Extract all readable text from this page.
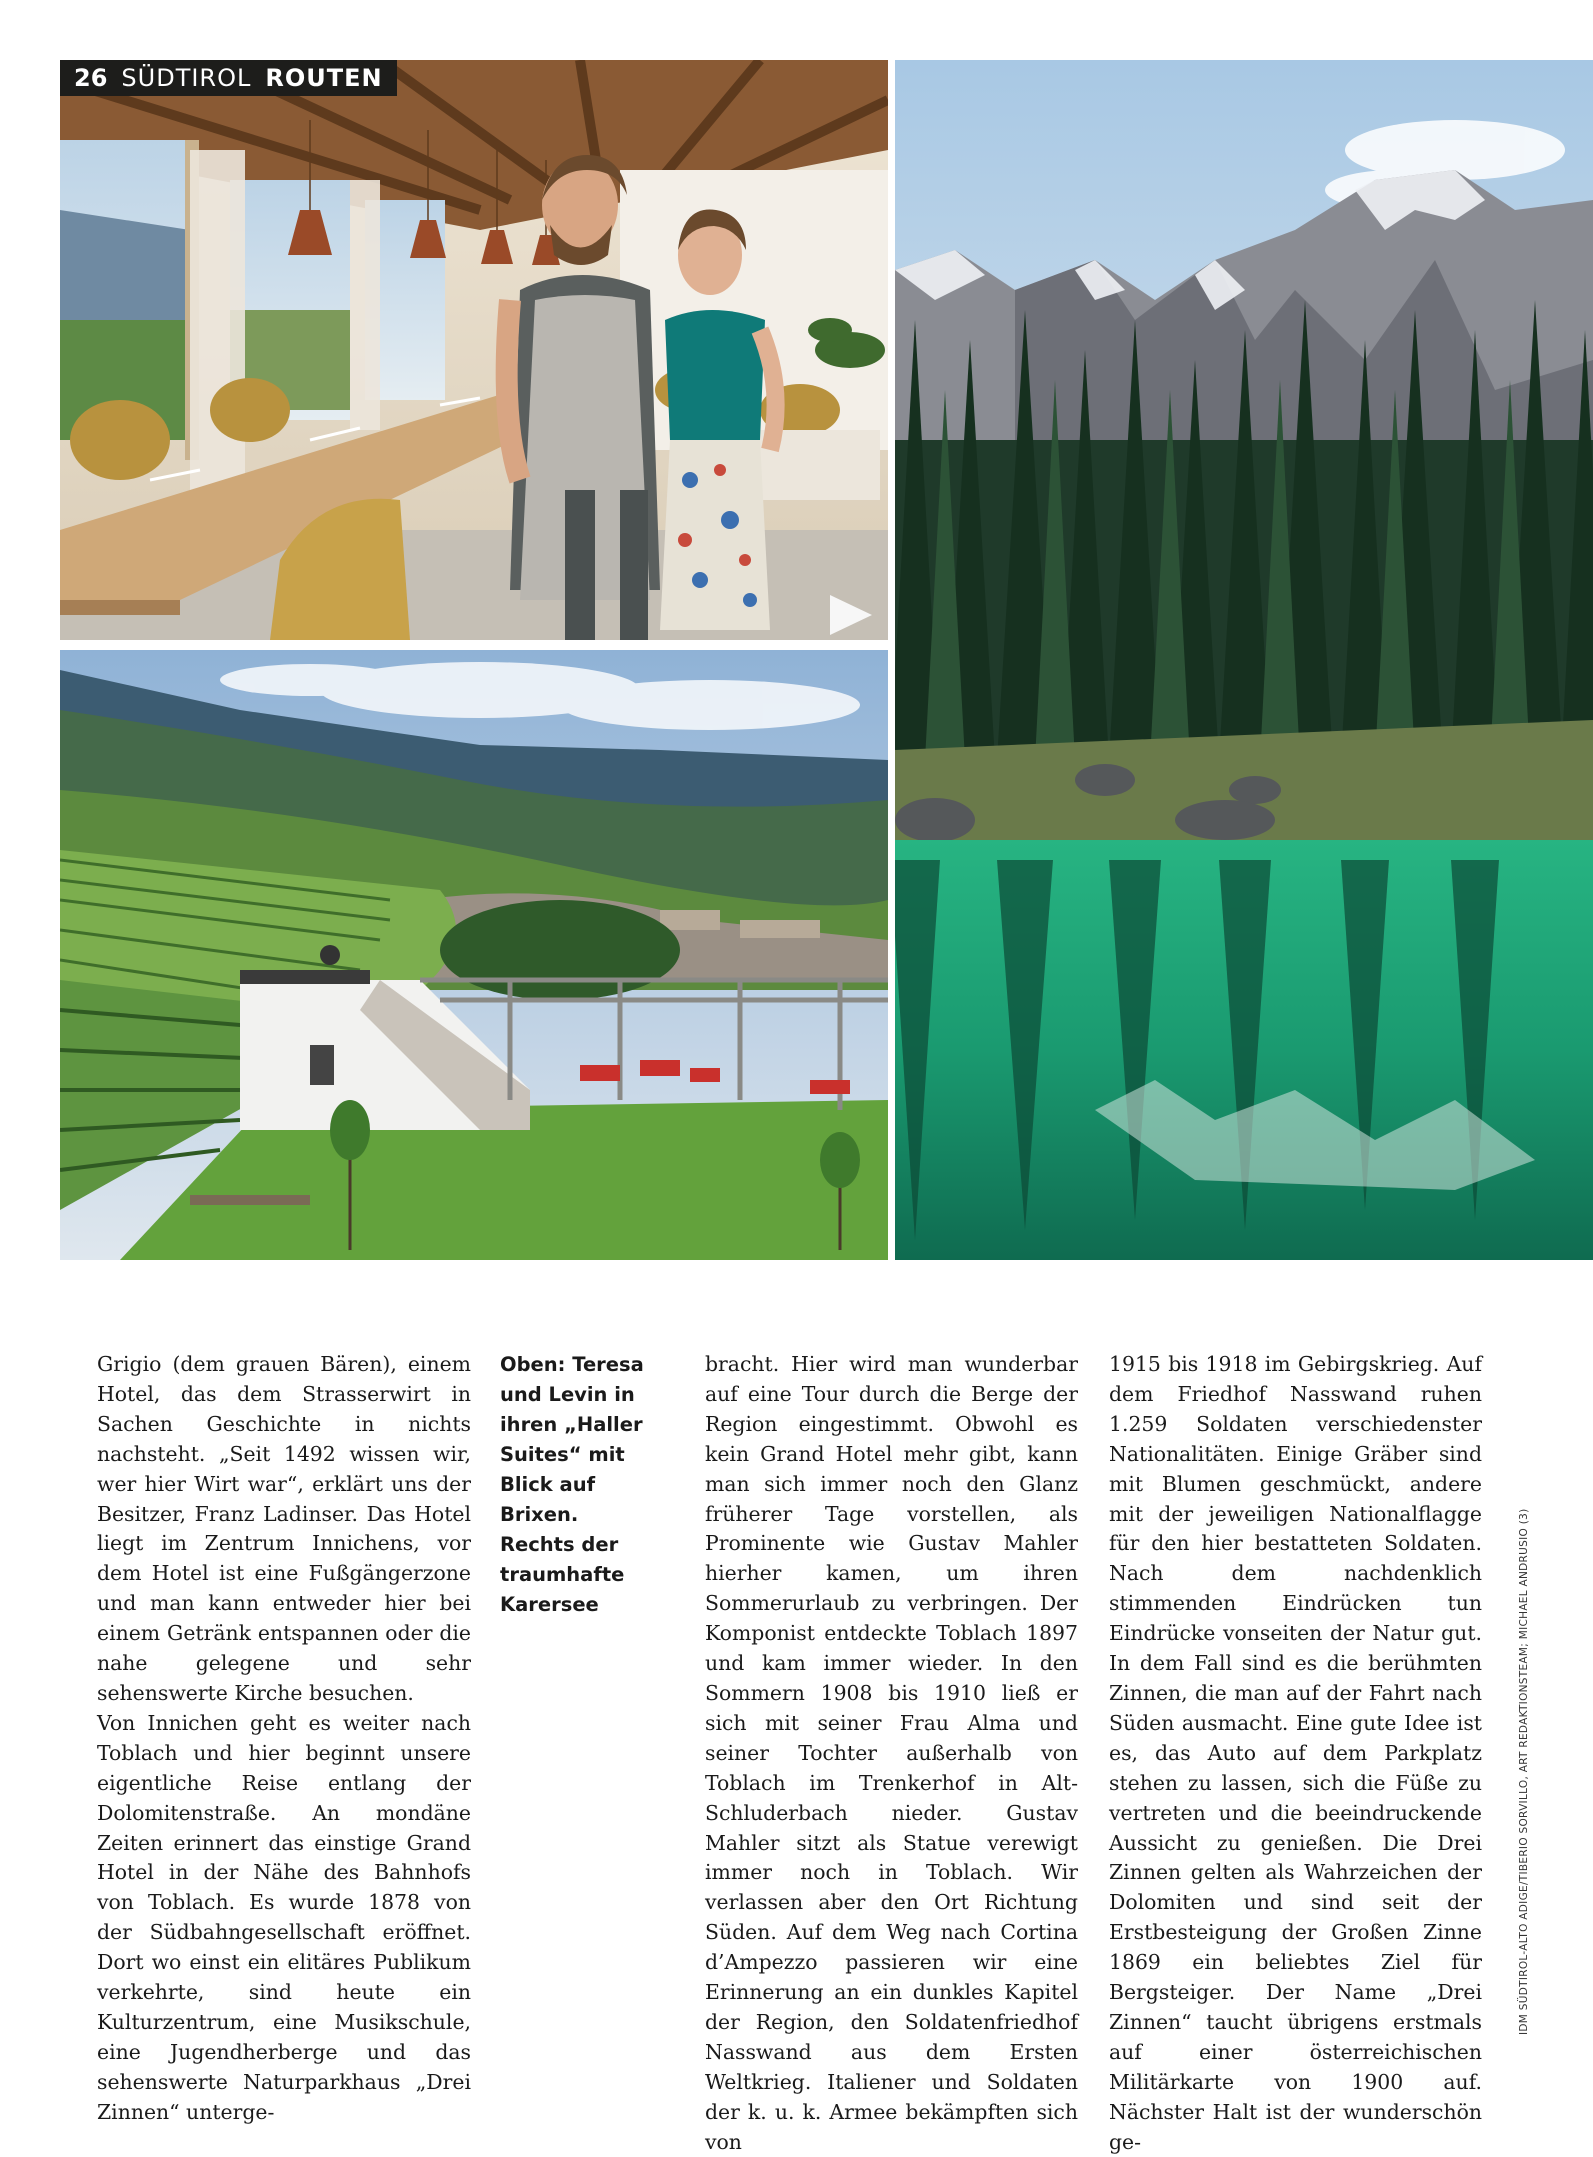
26 SÜDTIROL ROUTEN

Grigio (dem grauen Bären), einem Hotel, das dem Strasserwirt in Sachen Geschichte in nichts nachsteht. „Seit 1492 wissen wir, wer hier Wirt war“, erklärt uns der Besitzer, Franz Ladinser. Das Hotel liegt im Zentrum Innichens, vor dem Hotel ist eine Fußgängerzone und man kann entweder hier bei einem Getränk entspannen oder die nahe gelegene und sehr sehenswerte Kirche besuchen.

Von Innichen geht es weiter nach Toblach und hier beginnt unsere eigentliche Reise entlang der Dolomitenstraße. An mondäne Zeiten erinnert das einstige Grand Hotel in der Nähe des Bahnhofs von Toblach. Es wurde 1878 von der Südbahngesellschaft eröffnet. Dort wo einst ein elitäres Publikum verkehrte, sind heute ein Kulturzentrum, eine Musikschule, eine Jugendherberge und das sehenswerte Naturparkhaus „Drei Zinnen“ unterge-

Oben: Teresa und Levin in ihren „Haller Suites“ mit Blick auf Brixen. Rechts der traumhafte Karersee

bracht. Hier wird man wunderbar auf eine Tour durch die Berge der Region eingestimmt. Obwohl es kein Grand Hotel mehr gibt, kann man sich immer noch den Glanz früherer Tage vorstellen, als Prominente wie Gustav Mahler hierher kamen, um ihren Sommerurlaub zu verbringen. Der Komponist entdeckte Toblach 1897 und kam immer wieder. In den Sommern 1908 bis 1910 ließ er sich mit seiner Frau Alma und seiner Tochter außerhalb von Toblach im Trenkerhof in Alt-Schluderbach nieder. Gustav Mahler sitzt als Statue verewigt immer noch in Toblach. Wir verlassen aber den Ort Richtung Süden. Auf dem Weg nach Cortina d’Ampezzo passieren wir eine Erinnerung an ein dunkles Kapitel der Region, den Soldatenfriedhof Nasswand aus dem Ersten Weltkrieg. Italiener und Soldaten der k. u. k. Armee bekämpften sich von

1915 bis 1918 im Gebirgskrieg. Auf dem Friedhof Nasswand ruhen 1.259 Soldaten verschiedenster Nationalitäten. Einige Gräber sind mit Blumen geschmückt, andere mit der jeweiligen Nationalflagge für den hier bestatteten Soldaten. Nach dem nachdenklich stimmenden Eindrücken tun Eindrücke vonseiten der Natur gut. In dem Fall sind es die berühmten Zinnen, die man auf der Fahrt nach Süden ausmacht. Eine gute Idee ist es, das Auto auf dem Parkplatz stehen zu lassen, sich die Füße zu vertreten und die beeindruckende Aussicht zu genießen. Die Drei Zinnen gelten als Wahrzeichen der Dolomiten und sind seit der Erstbesteigung der Großen Zinne 1869 ein beliebtes Ziel für Bergsteiger. Der Name „Drei Zinnen“ taucht übrigens erstmals auf einer österreichischen Militärkarte von 1900 auf. Nächster Halt ist der wunderschön ge-

IDM SÜDTIROL-ALTO ADIGE/TIBERIO SORVILLO, ART REDAKTIONSTEAM; MICHAEL ANDRUSIO (3)
